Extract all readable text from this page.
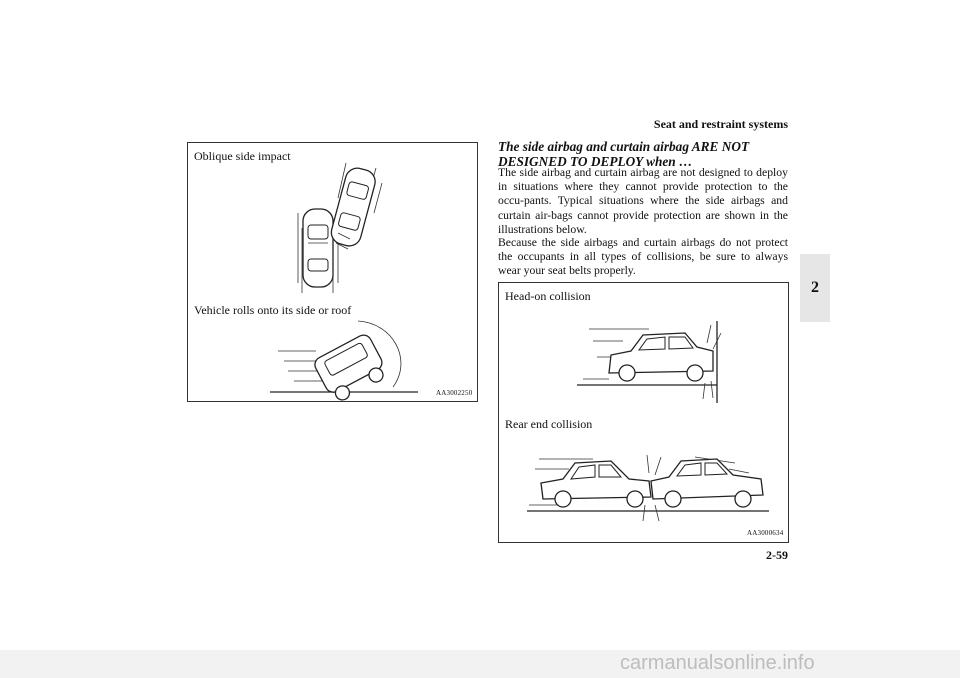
Seat and restraint systems
2
Oblique side impact
Vehicle rolls onto its side or roof
AA3002250
The side airbag and curtain airbag ARE NOT DESIGNED TO DEPLOY when …

The side airbag and curtain airbag are not designed to deploy in situations where they cannot provide protection to the occu-pants. Typical situations where the side airbags and curtain air-bags cannot provide protection are shown in the illustrations below.

Because the side airbags and curtain airbags do not protect the occupants in all types of collisions, be sure to always wear your seat belts properly.

Head-on collision
Rear end collision
AA3000634
2-59
carmanualsonline.info
